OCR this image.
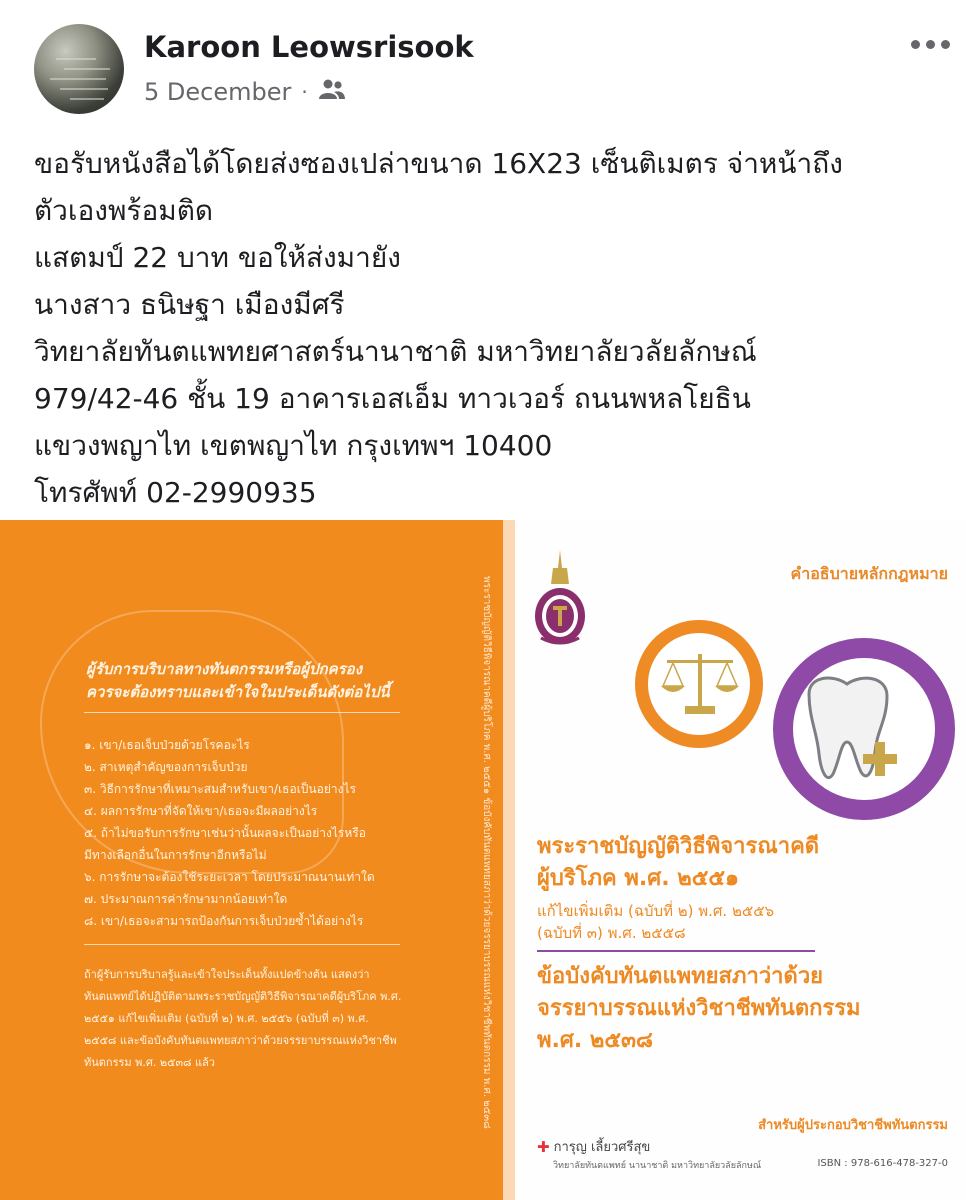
Karoon Leowsrisook
5 December ·
ขอรับหนังสือได้โดยส่งซองเปล่าขนาด 16X23 เซ็นติเมตร จ่าหน้าถึง
ตัวเองพร้อมติด
แสตมป์ 22 บาท ขอให้ส่งมายัง
นางสาว ธนิษฐา เมืองมีศรี
วิทยาลัยทันตแพทยศาสตร์นานาชาติ มหาวิทยาลัยวลัยลักษณ์
979/42-46 ชั้น 19 อาคารเอสเอ็ม ทาวเวอร์ ถนนพหลโยธิน
แขวงพญาไท เขตพญาไท กรุงเทพฯ 10400
โทรศัพท์ 02-2990935
ผู้รับการบริบาลทางทันตกรรมหรือผู้ปกครอง
ควรจะต้องทราบและเข้าใจในประเด็นดังต่อไปนี้
๑. เขา/เธอเจ็บป่วยด้วยโรคอะไร
๒. สาเหตุสำคัญของการเจ็บป่วย
๓. วิธีการรักษาที่เหมาะสมสำหรับเขา/เธอเป็นอย่างไร
๔. ผลการรักษาที่จัดให้เขา/เธอจะมีผลอย่างไร
๕. ถ้าไม่ขอรับการรักษาเช่นว่านั้นผลจะเป็นอย่างไรหรือ
มีทางเลือกอื่นในการรักษาอีกหรือไม่
๖. การรักษาจะต้องใช้ระยะเวลา โดยประมาณนานเท่าใด
๗. ประมาณการค่ารักษามากน้อยเท่าใด
๘. เขา/เธอจะสามารถป้องกันการเจ็บป่วยซ้ำได้อย่างไร
ถ้าผู้รับการบริบาลรู้และเข้าใจประเด็นทั้งแปดข้างต้น แสดงว่า ทันตแพทย์ได้ปฏิบัติตามพระราชบัญญัติวิธีพิจารณาคดีผู้บริโภค พ.ศ. ๒๕๕๑ แก้ไขเพิ่มเติม (ฉบับที่ ๒) พ.ศ. ๒๕๕๖ (ฉบับที่ ๓) พ.ศ. ๒๕๕๘ และข้อบังคับทันตแพทยสภาว่าด้วยจรรยาบรรณแห่งวิชาชีพทันตกรรม พ.ศ. ๒๕๓๘ แล้ว	พระราชบัญญัติวิธีพิจารณาคดีผู้บริโภค พ.ศ. ๒๕๕๑ ข้อบังคับทันตแพทยสภาว่าด้วยจรรยาบรรณแห่งวิชาชีพทันตกรรม พ.ศ. ๒๕๓๘
คำอธิบายหลักกฎหมาย
พระราชบัญญัติวิธีพิจารณาคดี
ผู้บริโภค พ.ศ. ๒๕๕๑
แก้ไขเพิ่มเติม (ฉบับที่ ๒) พ.ศ. ๒๕๕๖
(ฉบับที่ ๓) พ.ศ. ๒๕๕๘
ข้อบังคับทันตแพทยสภาว่าด้วย
จรรยาบรรณแห่งวิชาชีพทันตกรรม
พ.ศ. ๒๕๓๘
สำหรับผู้ประกอบวิชาชีพทันตกรรม
✚ การุญ เลี้ยวศรีสุข
วิทยาลัยทันตแพทย์ นานาชาติ มหาวิทยาลัยวลัยลักษณ์	ISBN : 978-616-478-327-0
